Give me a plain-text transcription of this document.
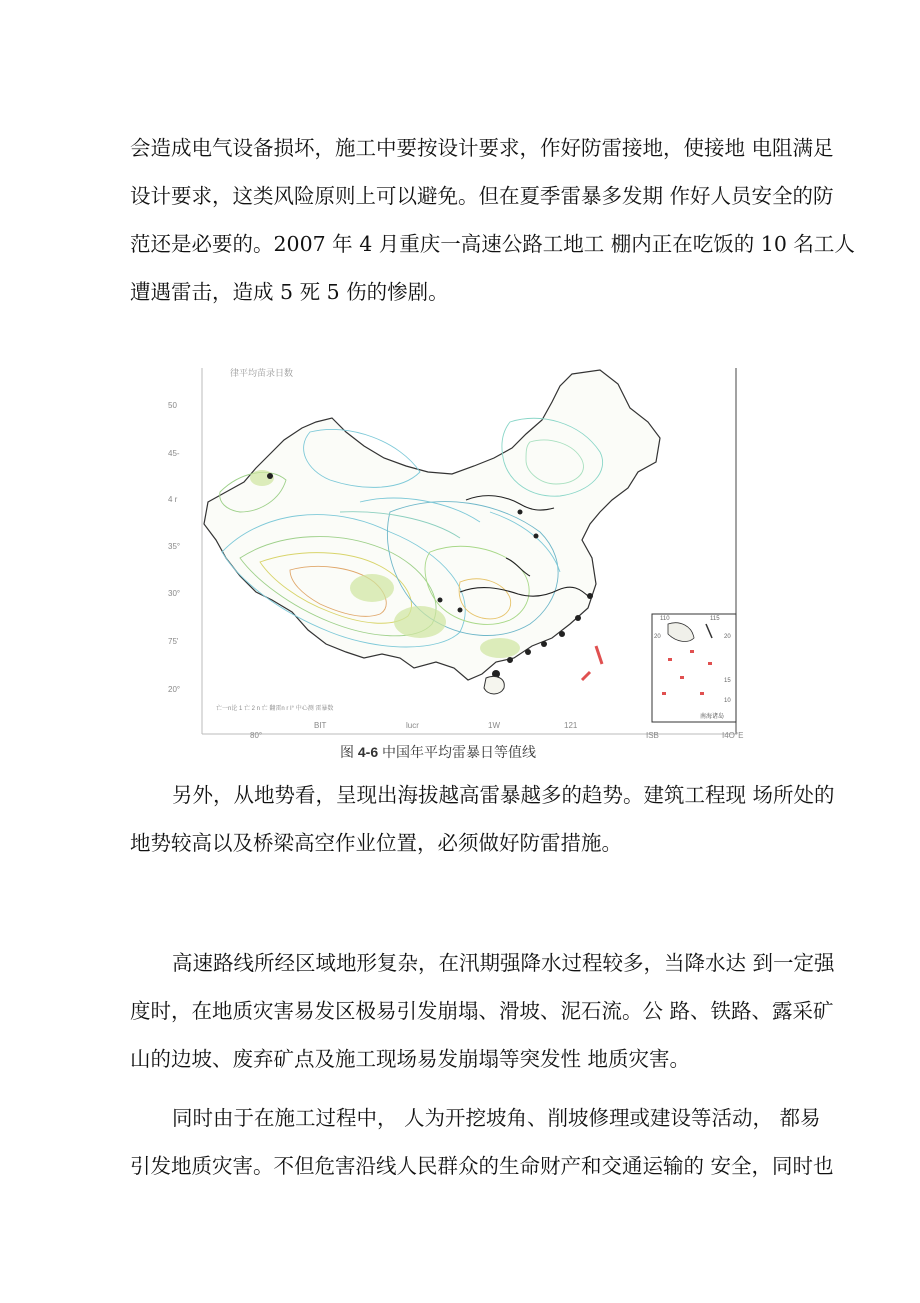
会造成电气设备损坏，施工中要按设计要求，作好防雷接地，使接地 电阻满足
设计要求，这类风险原则上可以避免。但在夏季雷暴多发期 作好人员安全的防
范还是必要的。2007 年 4 月重庆一高速公路工地工 棚内正在吃饭的 10 名工人
遭遇雷击，造成 5 死 5 伤的惨剧。
50
45-
4 r
35°
30°
75'
20°
80°
BIT	lucr	1W	121
ISB	I4O°E
律平均苗录日数
亡一n论 1 亡 2 n 亡 翻雷n r I° 中心测 雷暴数
110	115
20
15
10
20
南海诸岛
图 4-6 中国年平均雷暴日等值线
另外，从地势看，呈现出海拔越高雷暴越多的趋势。建筑工程现 场所处的
地势较高以及桥梁高空作业位置，必须做好防雷措施。
高速路线所经区域地形复杂，在汛期强降水过程较多，当降水达 到一定强
度时，在地质灾害易发区极易引发崩塌、滑坡、泥石流。公 路、铁路、露采矿
山的边坡、废弃矿点及施工现场易发崩塌等突发性 地质灾害。
同时由于在施工过程中， 人为开挖坡角、削坡修理或建设等活动， 都易
引发地质灾害。不但危害沿线人民群众的生命财产和交通运输的 安全，同时也
